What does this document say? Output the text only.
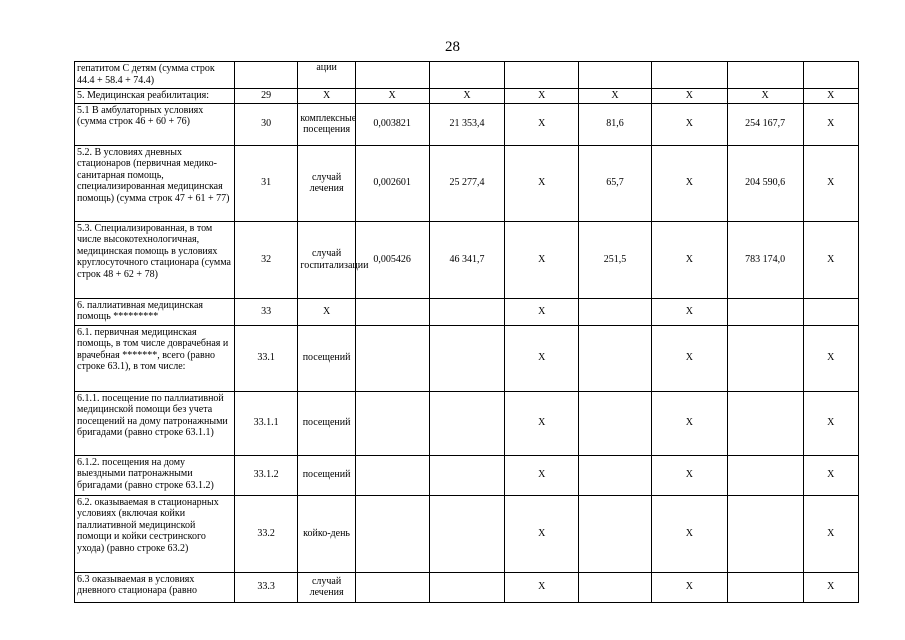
28
гепатитом С детям (сумма строк 44.4 + 58.4 + 74.4)		ации							
5. Медицинская реабилитация:	29	Х	Х	Х	Х	Х	Х	Х	Х
5.1 В амбулаторных условиях (сумма строк 46 + 60 + 76)	30	комплексные посещения	0,003821	21 353,4	Х	81,6	Х	254 167,7	Х
5.2. В условиях дневных стационаров (первичная медико-санитарная помощь, специализированная медицинская помощь) (сумма строк 47 + 61 + 77)	31	случай лечения	0,002601	25 277,4	Х	65,7	Х	204 590,6	Х
5.3. Специализированная, в том числе высокотехнологичная, медицинская помощь в условиях круглосуточного стационара (сумма строк 48 + 62 + 78)	32	случай госпитализации	0,005426	46 341,7	Х	251,5	Х	783 174,0	Х
6. паллиативная медицинская помощь *********	33	Х			Х		Х		
6.1. первичная медицинская помощь, в том числе доврачебная и врачебная *******, всего (равно строке 63.1), в том числе:	33.1	посещений			Х		Х		Х
6.1.1. посещение по паллиативной медицинской помощи без учета посещений на дому патронажными бригадами (равно строке 63.1.1)	33.1.1	посещений			Х		Х		Х
6.1.2. посещения на дому выездными патронажными бригадами (равно строке 63.1.2)	33.1.2	посещений			Х		Х		Х
6.2. оказываемая в стационарных условиях (включая койки паллиативной медицинской помощи и койки сестринского ухода) (равно строке 63.2)	33.2	койко-день			Х		Х		Х
6.3 оказываемая в условиях дневного стационара (равно	33.3	случай лечения			Х		Х		Х
